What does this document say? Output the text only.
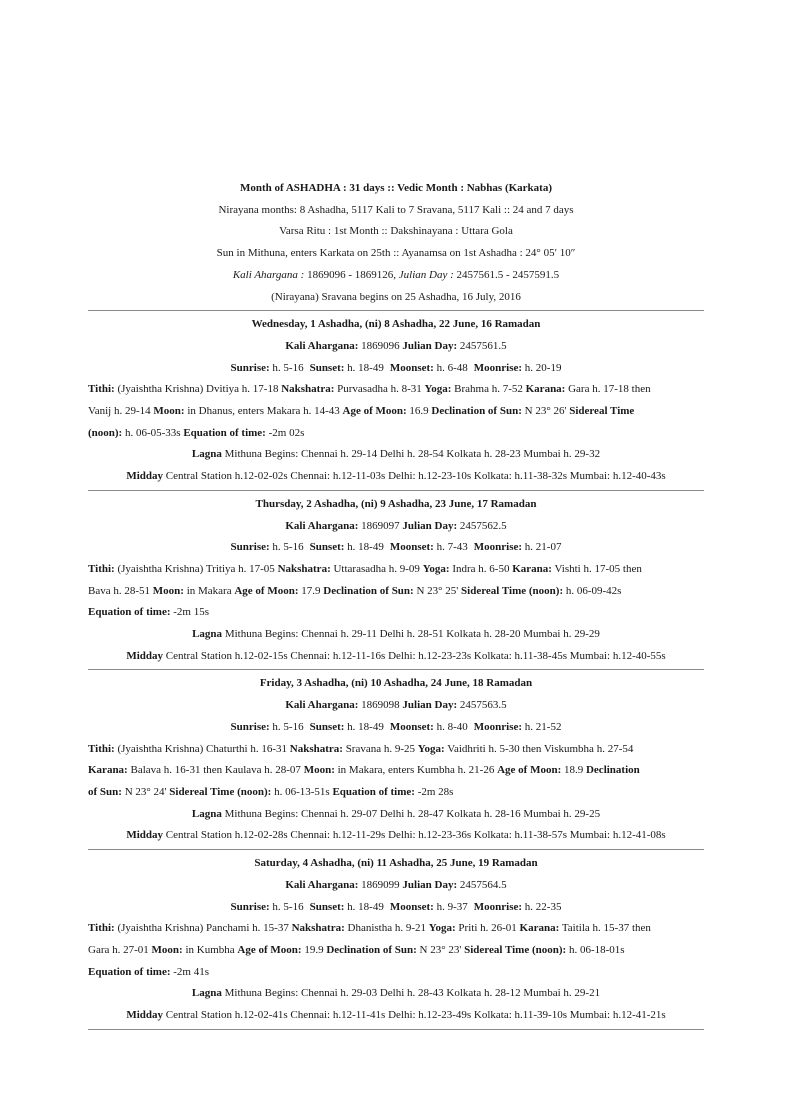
Month of ASHADHA : 31 days :: Vedic Month : Nabhas (Karkata)
Nirayana months: 8 Ashadha, 5117 Kali to 7 Sravana, 5117 Kali :: 24 and 7 days
Varsa Ritu : 1st Month :: Dakshinayana : Uttara Gola
Sun in Mithuna, enters Karkata on 25th :: Ayanamsa on 1st Ashadha : 24° 05′ 10″
Kali Ahargana : 1869096 - 1869126, Julian Day : 2457561.5 - 2457591.5
(Nirayana) Sravana begins on 25 Ashadha, 16 July, 2016
Wednesday, 1 Ashadha, (ni) 8 Ashadha, 22 June, 16 Ramadan
Kali Ahargana: 1869096 Julian Day: 2457561.5
Sunrise: h. 5-16 Sunset: h. 18-49 Moonset: h. 6-48 Moonrise: h. 20-19
Tithi: (Jyaishtha Krishna) Dvitiya h. 17-18 Nakshatra: Purvasadha h. 8-31 Yoga: Brahma h. 7-52 Karana: Gara h. 17-18 then
Vanij h. 29-14 Moon: in Dhanus, enters Makara h. 14-43 Age of Moon: 16.9 Declination of Sun: N 23° 26' Sidereal Time
(noon): h. 06-05-33s Equation of time: -2m 02s
Lagna Mithuna Begins: Chennai h. 29-14 Delhi h. 28-54 Kolkata h. 28-23 Mumbai h. 29-32
Midday Central Station h.12-02-02s Chennai: h.12-11-03s Delhi: h.12-23-10s Kolkata: h.11-38-32s Mumbai: h.12-40-43s
Thursday, 2 Ashadha, (ni) 9 Ashadha, 23 June, 17 Ramadan
Kali Ahargana: 1869097 Julian Day: 2457562.5
Sunrise: h. 5-16 Sunset: h. 18-49 Moonset: h. 7-43 Moonrise: h. 21-07
Tithi: (Jyaishtha Krishna) Tritiya h. 17-05 Nakshatra: Uttarasadha h. 9-09 Yoga: Indra h. 6-50 Karana: Vishti h. 17-05 then
Bava h. 28-51 Moon: in Makara Age of Moon: 17.9 Declination of Sun: N 23° 25' Sidereal Time (noon): h. 06-09-42s
Equation of time: -2m 15s
Lagna Mithuna Begins: Chennai h. 29-11 Delhi h. 28-51 Kolkata h. 28-20 Mumbai h. 29-29
Midday Central Station h.12-02-15s Chennai: h.12-11-16s Delhi: h.12-23-23s Kolkata: h.11-38-45s Mumbai: h.12-40-55s
Friday, 3 Ashadha, (ni) 10 Ashadha, 24 June, 18 Ramadan
Kali Ahargana: 1869098 Julian Day: 2457563.5
Sunrise: h. 5-16 Sunset: h. 18-49 Moonset: h. 8-40 Moonrise: h. 21-52
Tithi: (Jyaishtha Krishna) Chaturthi h. 16-31 Nakshatra: Sravana h. 9-25 Yoga: Vaidhriti h. 5-30 then Viskumbha h. 27-54
Karana: Balava h. 16-31 then Kaulava h. 28-07 Moon: in Makara, enters Kumbha h. 21-26 Age of Moon: 18.9 Declination
of Sun: N 23° 24' Sidereal Time (noon): h. 06-13-51s Equation of time: -2m 28s
Lagna Mithuna Begins: Chennai h. 29-07 Delhi h. 28-47 Kolkata h. 28-16 Mumbai h. 29-25
Midday Central Station h.12-02-28s Chennai: h.12-11-29s Delhi: h.12-23-36s Kolkata: h.11-38-57s Mumbai: h.12-41-08s
Saturday, 4 Ashadha, (ni) 11 Ashadha, 25 June, 19 Ramadan
Kali Ahargana: 1869099 Julian Day: 2457564.5
Sunrise: h. 5-16 Sunset: h. 18-49 Moonset: h. 9-37 Moonrise: h. 22-35
Tithi: (Jyaishtha Krishna) Panchami h. 15-37 Nakshatra: Dhanistha h. 9-21 Yoga: Priti h. 26-01 Karana: Taitila h. 15-37 then
Gara h. 27-01 Moon: in Kumbha Age of Moon: 19.9 Declination of Sun: N 23° 23' Sidereal Time (noon): h. 06-18-01s
Equation of time: -2m 41s
Lagna Mithuna Begins: Chennai h. 29-03 Delhi h. 28-43 Kolkata h. 28-12 Mumbai h. 29-21
Midday Central Station h.12-02-41s Chennai: h.12-11-41s Delhi: h.12-23-49s Kolkata: h.11-39-10s Mumbai: h.12-41-21s
